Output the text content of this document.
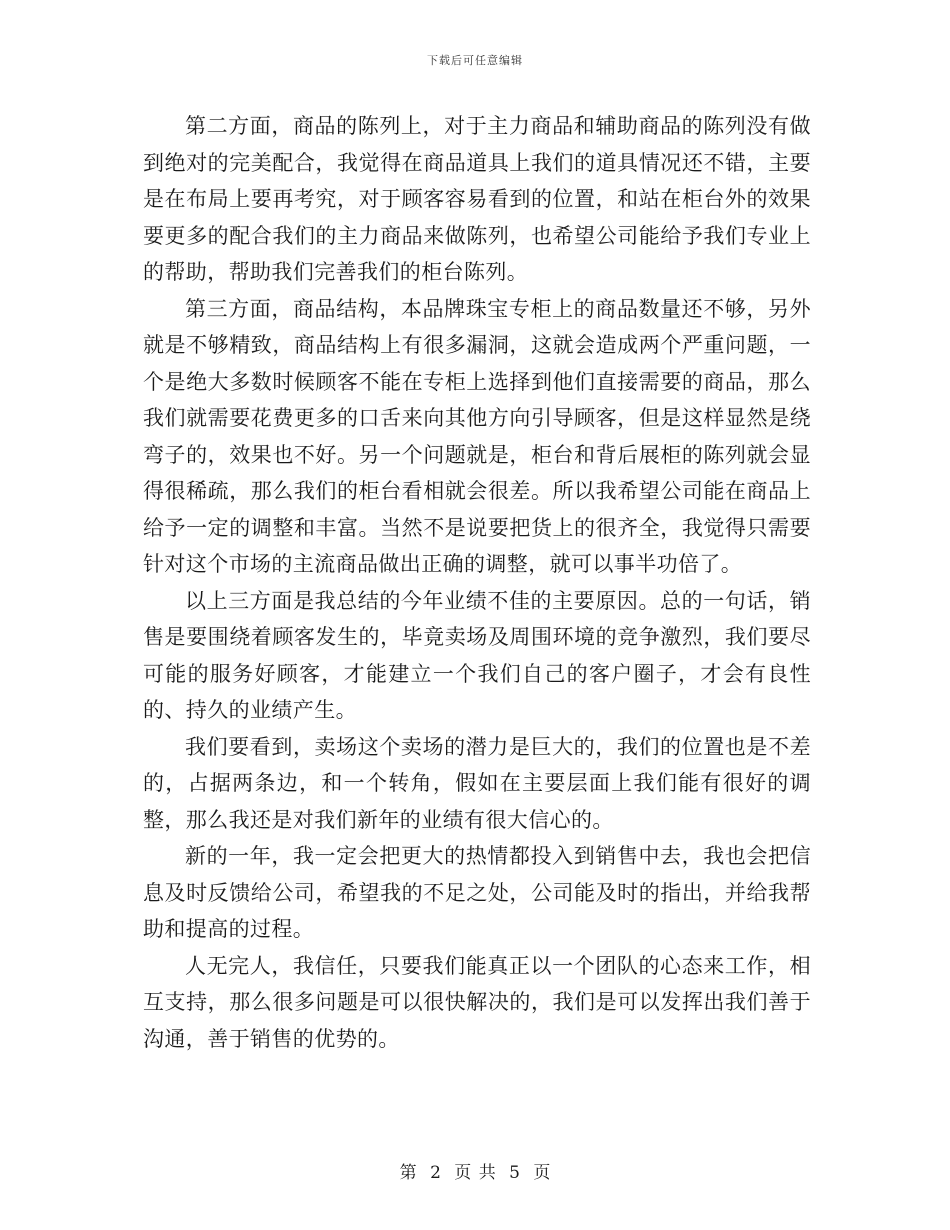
下载后可任意编辑

第二方面，商品的陈列上，对于主力商品和辅助商品的陈列没有做到绝对的完美配合，我觉得在商品道具上我们的道具情况还不错，主要是在布局上要再考究，对于顾客容易看到的位置，和站在柜台外的效果要更多的配合我们的主力商品来做陈列，也希望公司能给予我们专业上的帮助，帮助我们完善我们的柜台陈列。

第三方面，商品结构，本品牌珠宝专柜上的商品数量还不够，另外就是不够精致，商品结构上有很多漏洞，这就会造成两个严重问题，一个是绝大多数时候顾客不能在专柜上选择到他们直接需要的商品，那么我们就需要花费更多的口舌来向其他方向引导顾客，但是这样显然是绕弯子的，效果也不好。另一个问题就是，柜台和背后展柜的陈列就会显得很稀疏，那么我们的柜台看相就会很差。所以我希望公司能在商品上给予一定的调整和丰富。当然不是说要把货上的很齐全，我觉得只需要针对这个市场的主流商品做出正确的调整，就可以事半功倍了。

以上三方面是我总结的今年业绩不佳的主要原因。总的一句话，销售是要围绕着顾客发生的，毕竟卖场及周围环境的竞争激烈，我们要尽可能的服务好顾客，才能建立一个我们自己的客户圈子，才会有良性的、持久的业绩产生。

我们要看到，卖场这个卖场的潜力是巨大的，我们的位置也是不差的，占据两条边，和一个转角，假如在主要层面上我们能有很好的调整，那么我还是对我们新年的业绩有很大信心的。

新的一年，我一定会把更大的热情都投入到销售中去，我也会把信息及时反馈给公司，希望我的不足之处，公司能及时的指出，并给我帮助和提高的过程。

人无完人，我信任，只要我们能真正以一个团队的心态来工作，相互支持，那么很多问题是可以很快解决的，我们是可以发挥出我们善于沟通，善于销售的优势的。

第 2 页 共 5 页
